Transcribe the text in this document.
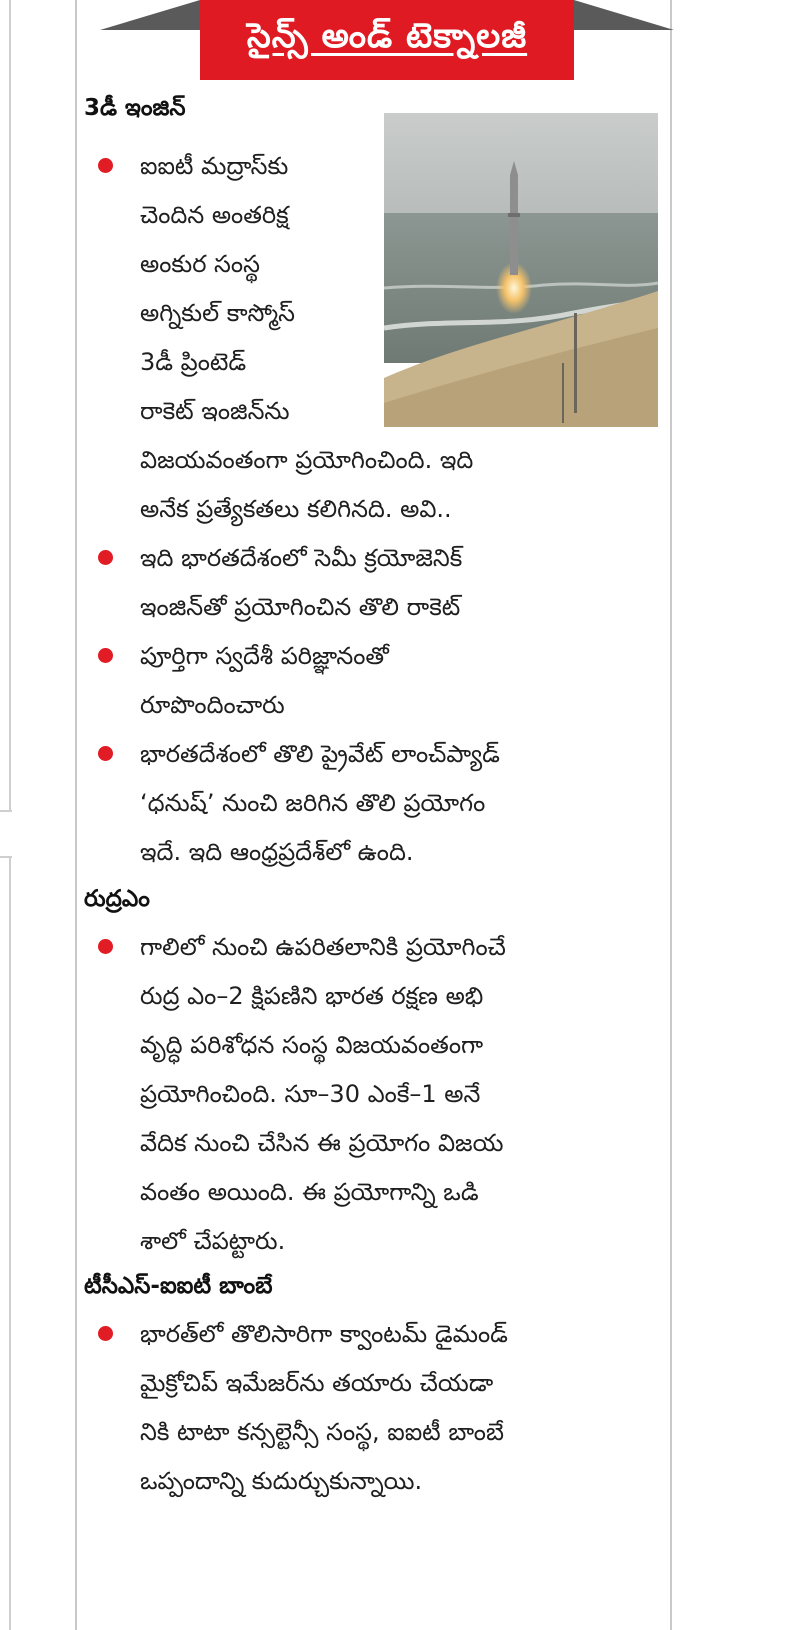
సైన్స్ అండ్ టెక్నాలజీ
3డీ ఇంజిన్

ఐఐటీ మద్రాస్‌కు

చెందిన అంతరిక్ష

అంకుర సంస్థ

అగ్నికుల్ కాస్మోస్

3డీ ప్రింటెడ్

రాకెట్ ఇంజిన్‌ను

విజయవంతంగా ప్రయోగించింది. ఇది

అనేక ప్రత్యేకతలు కలిగినది. అవి..

ఇది భారతదేశంలో సెమీ క్రయోజెనిక్

ఇంజిన్‌తో ప్రయోగించిన తొలి రాకెట్

పూర్తిగా స్వదేశీ పరిజ్ఞానంతో

రూపొందించారు

భారతదేశంలో తొలి ప్రైవేట్ లాంచ్‌ప్యాడ్

‘ధనుష్’ నుంచి జరిగిన తొలి ప్రయోగం

ఇదే. ఇది ఆంధ్రప్రదేశ్‌లో ఉంది.

రుద్రఎం

గాలిలో నుంచి ఉపరితలానికి ప్రయోగించే

రుద్ర ఎం–2 క్షిపణిని భారత రక్షణ అభి

వృద్ధి పరిశోధన సంస్థ విజయవంతంగా

ప్రయోగించింది. సూ–30 ఎంకే–1 అనే

వేదిక నుంచి చేసిన ఈ ప్రయోగం విజయ

వంతం అయింది. ఈ ప్రయోగాన్ని ఒడి

శాలో చేపట్టారు.

టీసీఎస్-ఐఐటీ బాంబే

భారత్‌లో తొలిసారిగా క్వాంటమ్ డైమండ్

మైక్రోచిప్ ఇమేజర్‌ను తయారు చేయడా

నికి టాటా కన్సల్టెన్సీ సంస్థ, ఐఐటీ బాంబే

ఒప్పందాన్ని కుదుర్చుకున్నాయి.
